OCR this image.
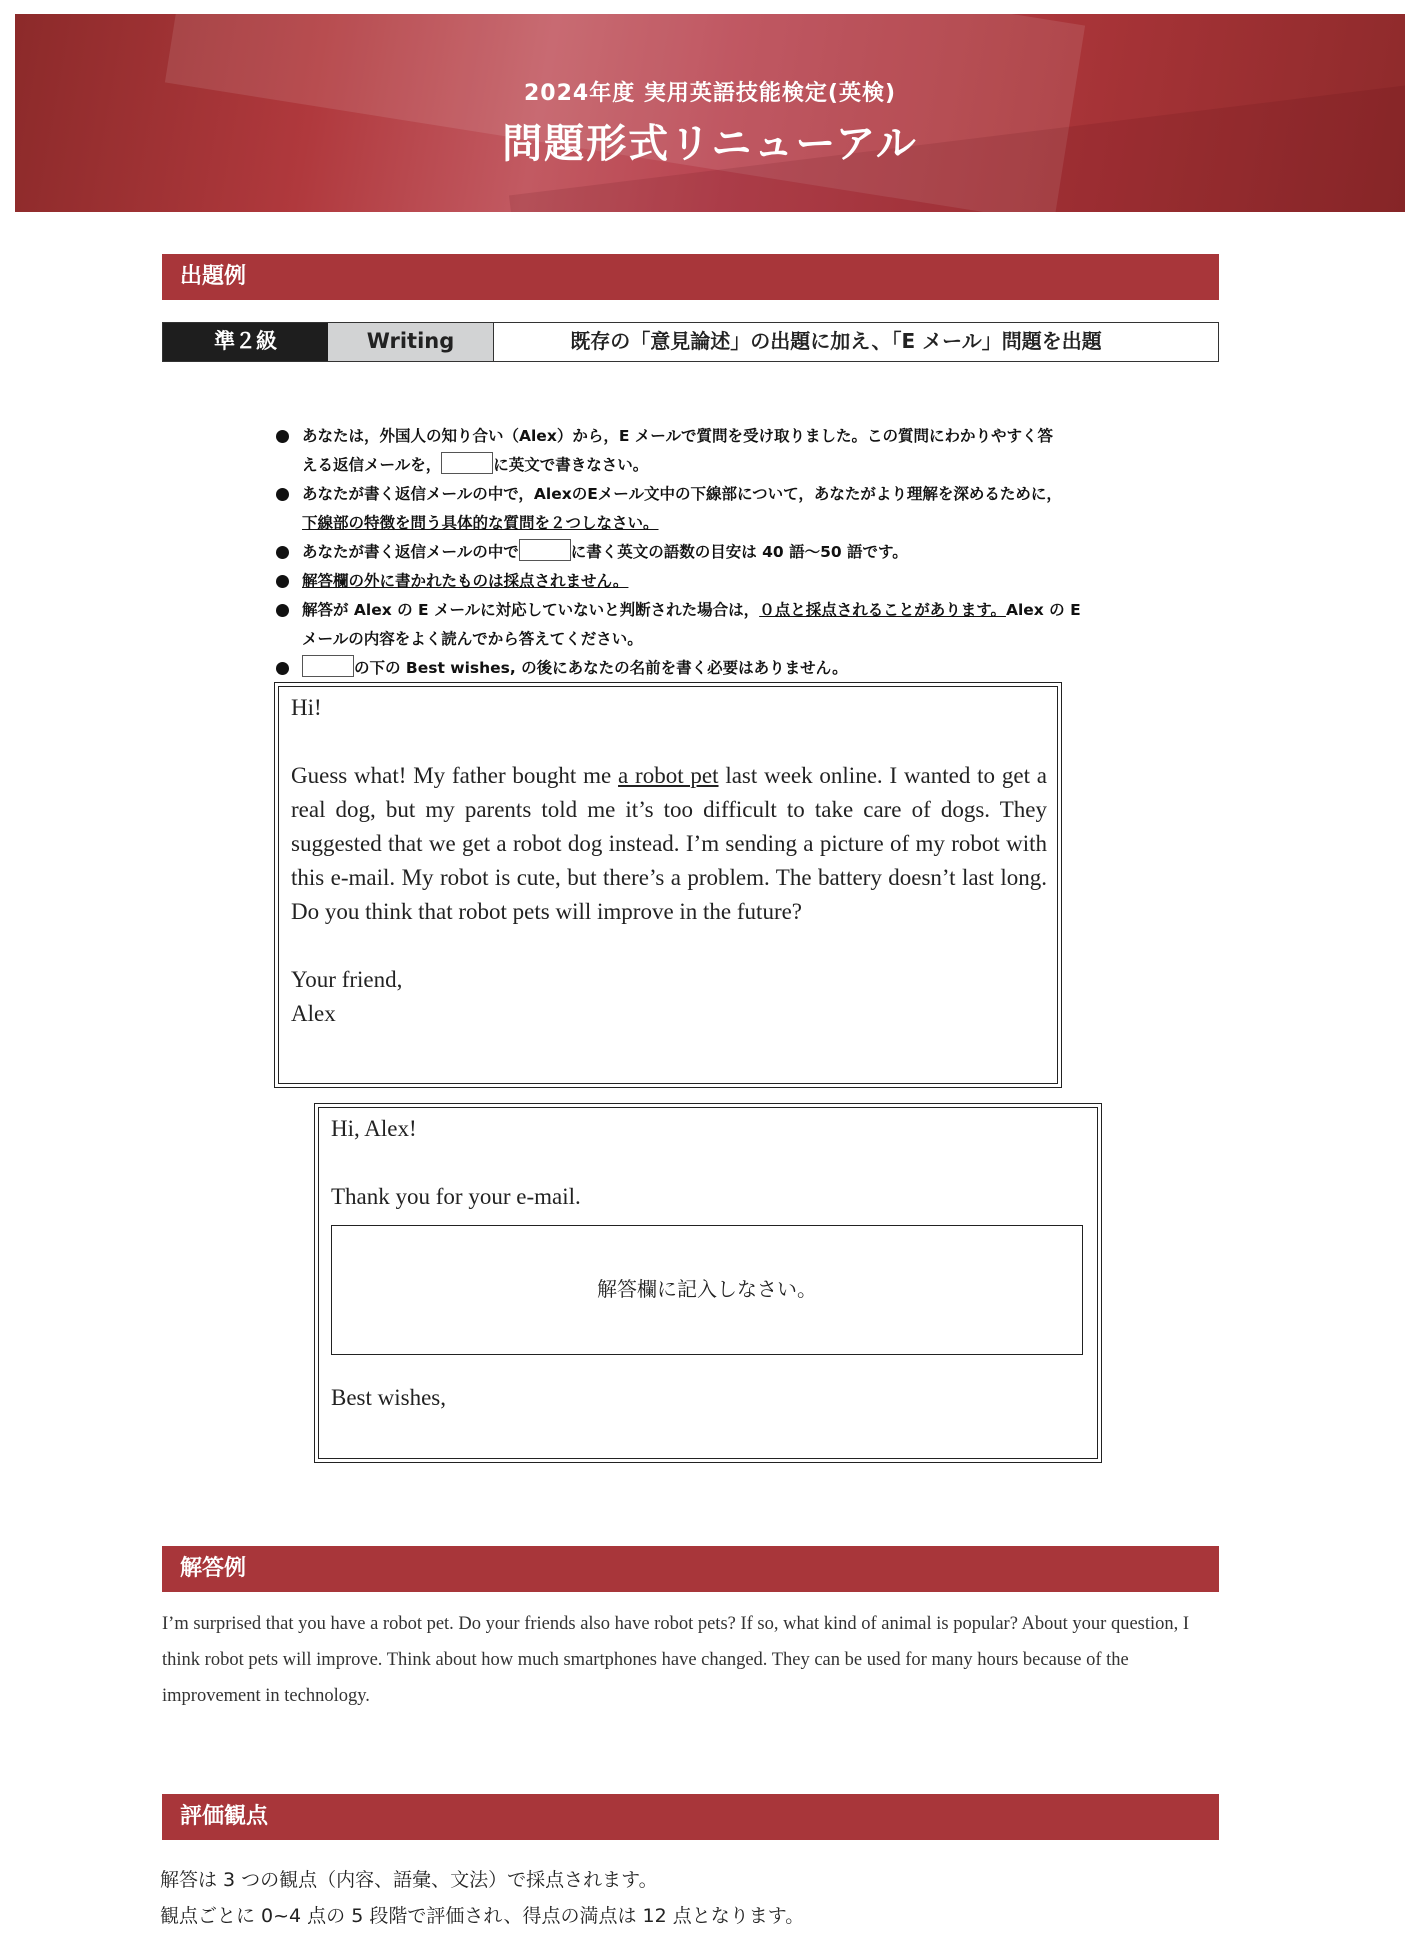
2024年度 実用英語技能検定(英検)
問題形式リニューアル
出題例
準２級	Writing	既存の「意見論述」の出題に加え、「E メール」問題を出題
あなたは，外国人の知り合い（Alex）から，E メールで質問を受け取りました。この質問にわかりやすく答
える返信メールを，	に英文で書きなさい。
あなたが書く返信メールの中で，AlexのEメール文中の下線部について，あなたがより理解を深めるために，
下線部の特徴を問う具体的な質問を２つしなさい。
あなたが書く返信メールの中で	に書く英文の語数の目安は 40 語～50 語です。
解答欄の外に書かれたものは採点されません。
解答が Alex の E メールに対応していないと判断された場合は，０点と採点されることがあります。Alex の E
メールの内容をよく読んでから答えてください。
の下の Best wishes, の後にあなたの名前を書く必要はありません。
Hi!
Guess what! My father bought me a robot pet last week online. I wanted to get a real dog, but my parents told me it’s too difficult to take care of dogs. They suggested that we get a robot dog instead. I’m sending a picture of my robot with this e-mail. My robot is cute, but there’s a problem. The battery doesn’t last long. Do you think that robot pets will improve in the future?
Your friend,
Alex
Hi, Alex!
Thank you for your e-mail.
解答欄に記入しなさい。
Best wishes,
解答例
I’m surprised that you have a robot pet. Do your friends also have robot pets? If so, what kind of animal is popular? About your question, I think robot pets will improve. Think about how much smartphones have changed. They can be used for many hours because of the improvement in technology.
評価観点
解答は 3 つの観点（内容、語彙、文法）で採点されます。
観点ごとに 0~4 点の 5 段階で評価され、得点の満点は 12 点となります。
